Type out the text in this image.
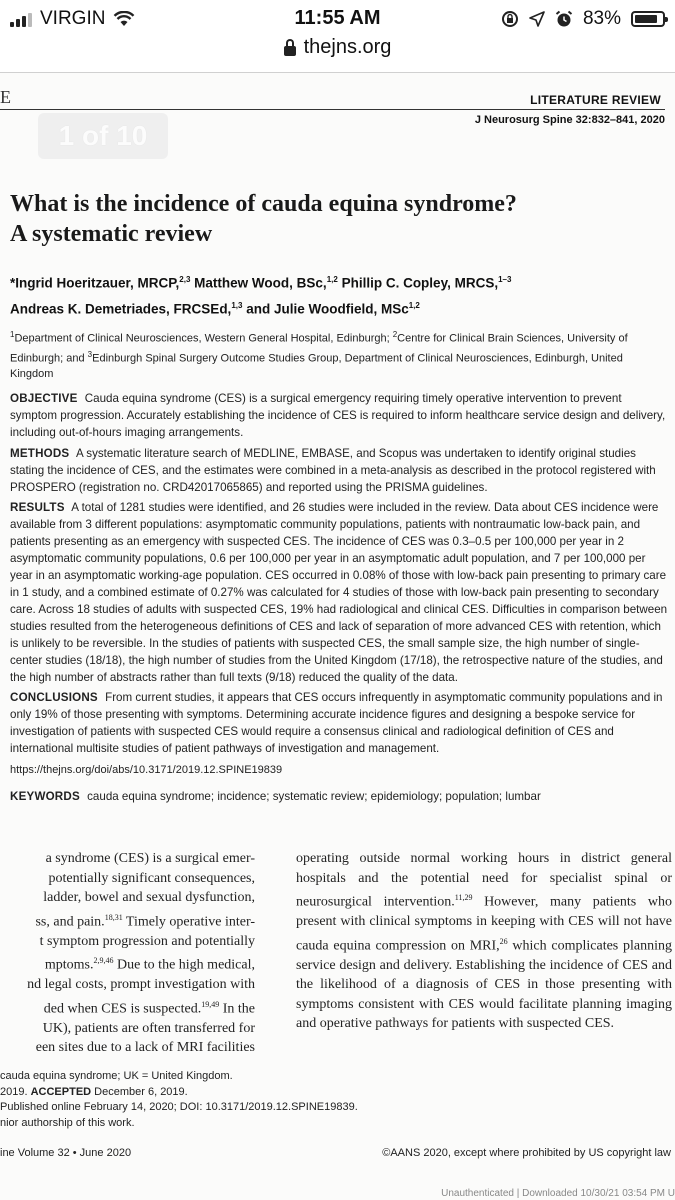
VIRGIN	11:55 AM	83%
thejns.org
E	LITERATURE REVIEW
J Neurosurg Spine 32:832–841, 2020
1 of 10
What is the incidence of cauda equina syndrome?
A systematic review
*Ingrid Hoeritzauer, MRCP,$^{2,3}$ Matthew Wood, BSc,$^{1,2}$ Phillip C. Copley, MRCS,$^{1-3}$
Andreas K. Demetriades, FRCSEd,$^{1,3}$ and Julie Woodfield, MSc$^{1,2}$
$^1$Department of Clinical Neurosciences, Western General Hospital, Edinburgh; $^2$Centre for Clinical Brain Sciences, University of Edinburgh; and $^3$Edinburgh Spinal Surgery Outcome Studies Group, Department of Clinical Neurosciences, Edinburgh, United Kingdom

OBJECTIVE Cauda equina syndrome (CES) is a surgical emergency requiring timely operative intervention to prevent symptom progression. Accurately establishing the incidence of CES is required to inform healthcare service design and delivery, including out-of-hours imaging arrangements.

METHODS A systematic literature search of MEDLINE, EMBASE, and Scopus was undertaken to identify original studies stating the incidence of CES, and the estimates were combined in a meta-analysis as described in the protocol registered with PROSPERO (registration no. CRD42017065865) and reported using the PRISMA guidelines.

RESULTS A total of 1281 studies were identified, and 26 studies were included in the review. Data about CES incidence were available from 3 different populations: asymptomatic community populations, patients with nontraumatic low-back pain, and patients presenting as an emergency with suspected CES. The incidence of CES was 0.3–0.5 per 100,000 per year in 2 asymptomatic community populations, 0.6 per 100,000 per year in an asymptomatic adult population, and 7 per 100,000 per year in an asymptomatic working-age population. CES occurred in 0.08% of those with low-back pain presenting to primary care in 1 study, and a combined estimate of 0.27% was calculated for 4 studies of those with low-back pain presenting to secondary care. Across 18 studies of adults with suspected CES, 19% had radiological and clinical CES. Difficulties in comparison between studies resulted from the heterogeneous definitions of CES and lack of separation of more advanced CES with retention, which is unlikely to be reversible. In the studies of patients with suspected CES, the small sample size, the high number of single-center studies (18/18), the high number of studies from the United Kingdom (17/18), the retrospective nature of the studies, and the high number of abstracts rather than full texts (9/18) reduced the quality of the data.

CONCLUSIONS From current studies, it appears that CES occurs infrequently in asymptomatic community populations and in only 19% of those presenting with symptoms. Determining accurate incidence figures and designing a bespoke service for investigation of patients with suspected CES would require a consensus clinical and radiological definition of CES and international multisite studies of patient pathways of investigation and management.

https://thejns.org/doi/abs/10.3171/2019.12.SPINE19839

KEYWORDS cauda equina syndrome; incidence; systematic review; epidemiology; population; lumbar

a syndrome (CES) is a surgical emer-
potentially significant consequences,
ladder, bowel and sexual dysfunction,
ss, and pain.$^{18,31}$ Timely operative inter-
t symptom progression and potentially
mptoms.$^{2,9,46}$ Due to the high medical,
nd legal costs, prompt investigation with
ded when CES is suspected.$^{19,49}$ In the
UK), patients are often transferred for
een sites due to a lack of MRI facilities
operating outside normal working hours in district general hospitals and the potential need for specialist spinal or neurosurgical intervention.$^{11,29}$ However, many patients who present with clinical symptoms in keeping with CES will not have cauda equina compression on MRI,$^{26}$ which complicates planning service design and delivery. Establishing the incidence of CES and the likelihood of a diagnosis of CES in those presenting with symptoms consistent with CES would facilitate planning imaging and operative pathways for patients with suspected CES.
cauda equina syndrome; UK = United Kingdom.
2019. ACCEPTED December 6, 2019.
Published online February 14, 2020; DOI: 10.3171/2019.12.SPINE19839.
nior authorship of this work.
ine Volume 32 • June 2020	©AANS 2020, except where prohibited by US copyright law
Unauthenticated | Downloaded 10/30/21 03:54 PM U
